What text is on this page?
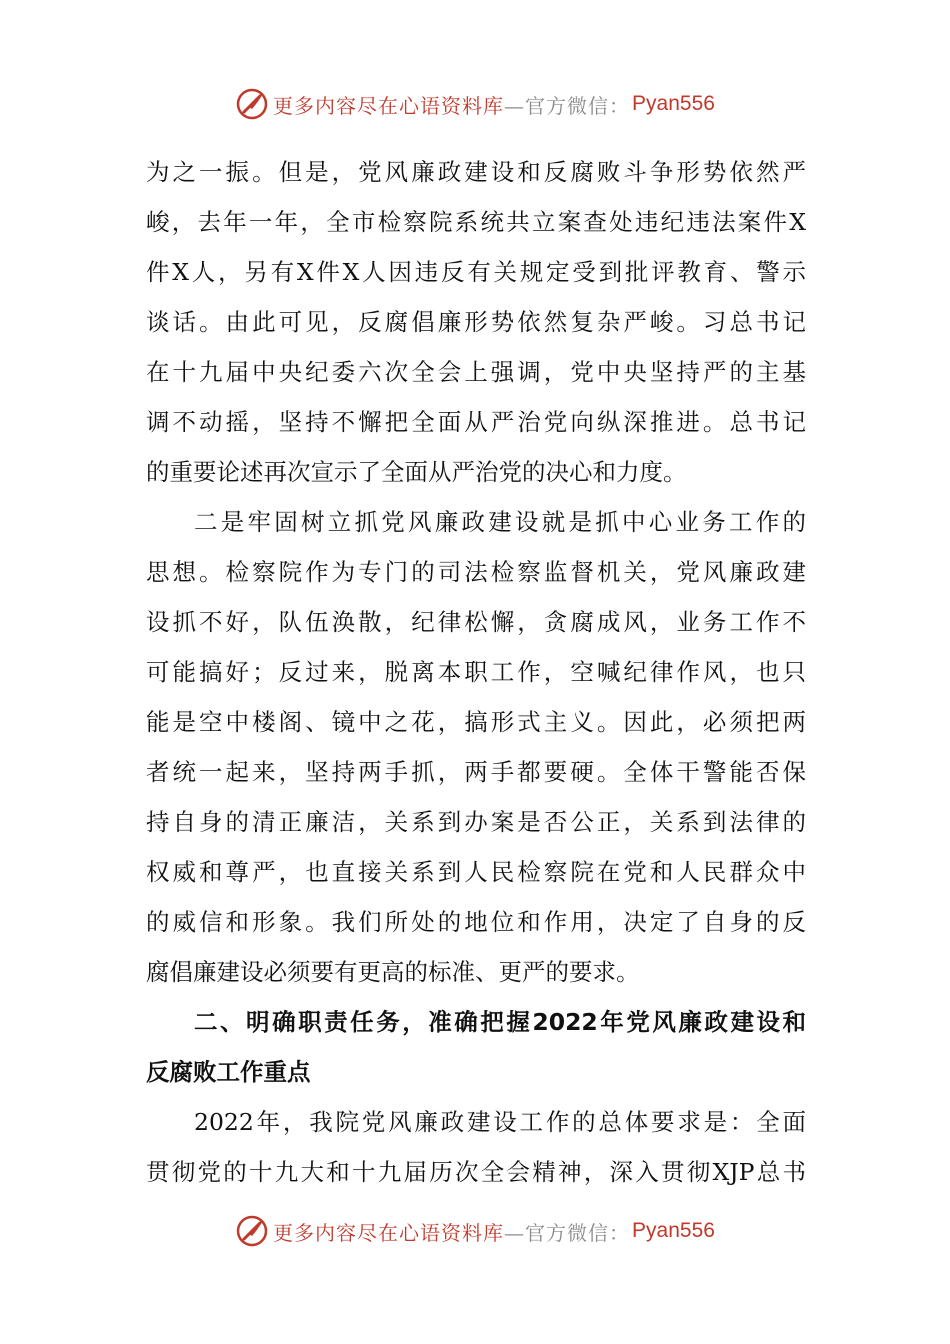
更多内容尽在心语资料库 —官方微信： Pyan556
为之一振。但是，党风廉政建设和反腐败斗争形势依然严
峻，去年一年，全市检察院系统共立案查处违纪违法案件X
件X人，另有X件X人因违反有关规定受到批评教育、警示
谈话。由此可见，反腐倡廉形势依然复杂严峻。习总书记
在十九届中央纪委六次全会上强调，党中央坚持严的主基
调不动摇，坚持不懈把全面从严治党向纵深推进。总书记
的重要论述再次宣示了全面从严治党的决心和力度。
二是牢固树立抓党风廉政建设就是抓中心业务工作的
思想。检察院作为专门的司法检察监督机关，党风廉政建
设抓不好，队伍涣散，纪律松懈，贪腐成风，业务工作不
可能搞好；反过来，脱离本职工作，空喊纪律作风，也只
能是空中楼阁、镜中之花，搞形式主义。因此，必须把两
者统一起来，坚持两手抓，两手都要硬。全体干警能否保
持自身的清正廉洁，关系到办案是否公正，关系到法律的
权威和尊严，也直接关系到人民检察院在党和人民群众中
的威信和形象。我们所处的地位和作用，决定了自身的反
腐倡廉建设必须要有更高的标准、更严的要求。
二、明确职责任务，准确把握2022年党风廉政建设和
反腐败工作重点
2022年，我院党风廉政建设工作的总体要求是：全面
贯彻党的十九大和十九届历次全会精神，深入贯彻XJP总书
更多内容尽在心语资料库 —官方微信： Pyan556
